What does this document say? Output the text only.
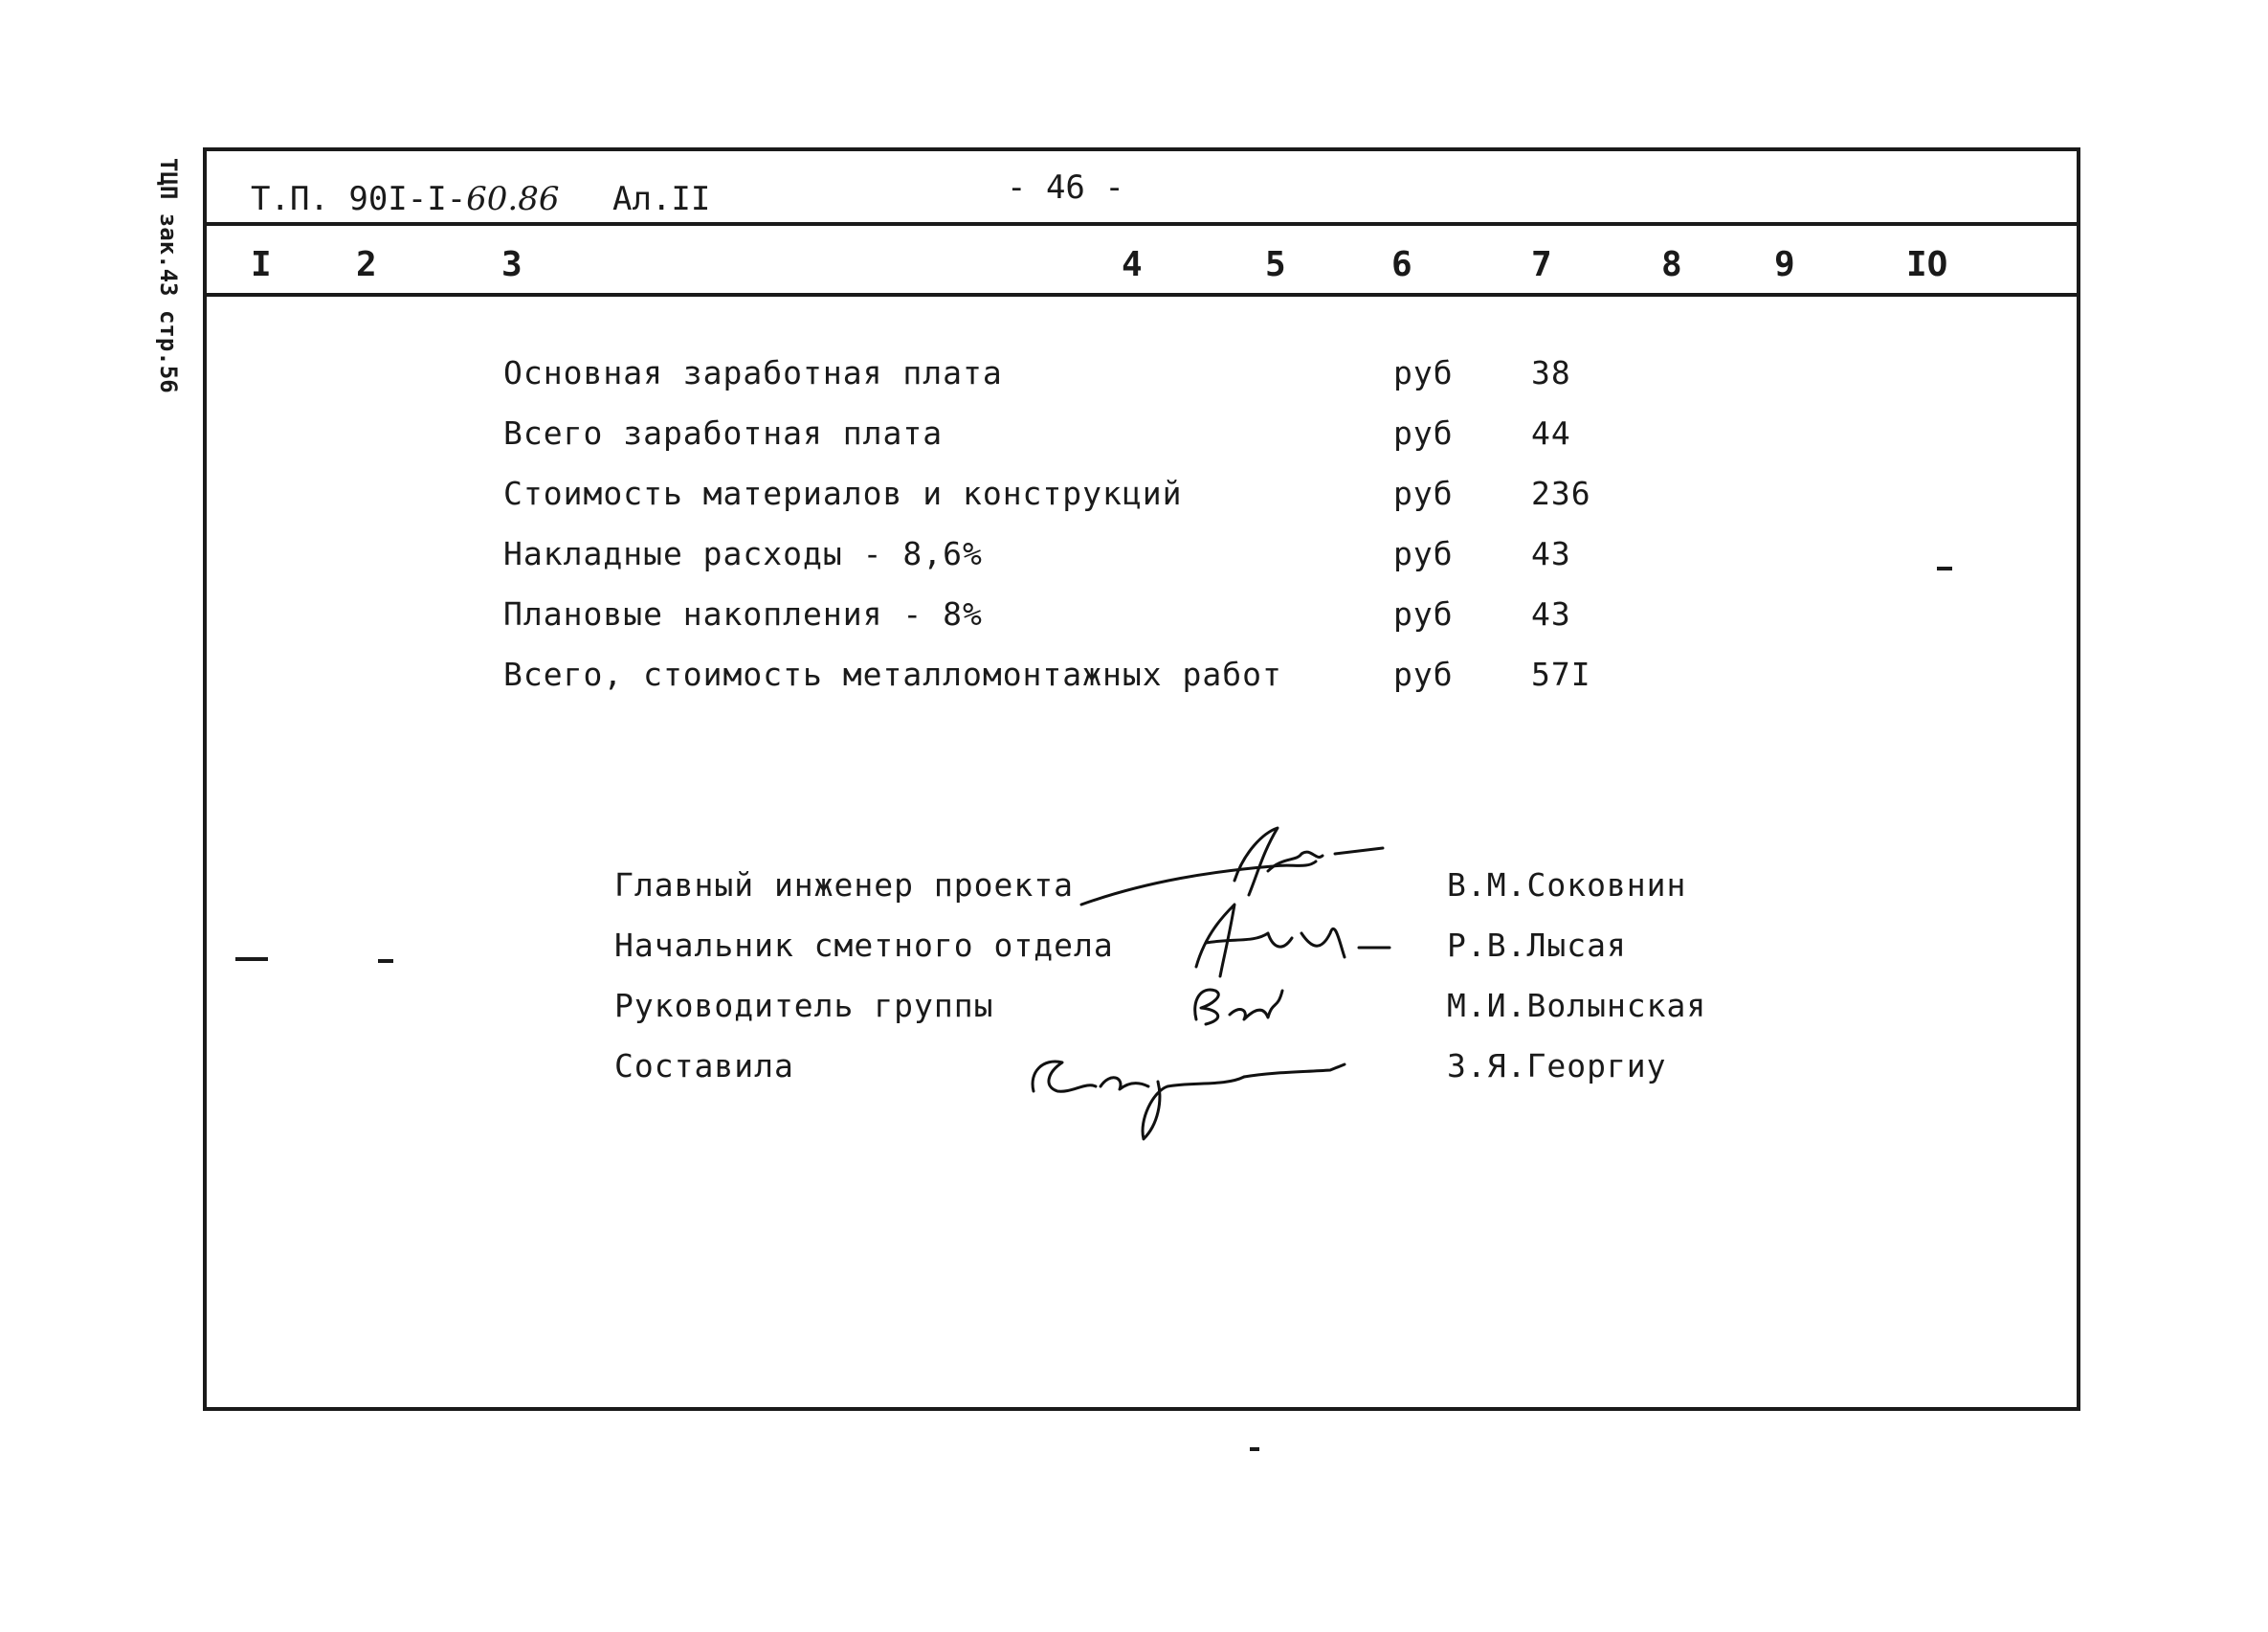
ТЦП зак.43 стр.56 Т.П. 90I-I-60.86 Ал.II	- 46 -
I 2	3	4	5	6	7	8	9	IO
Основная заработная плата	руб 38
Всего заработная плата	руб 44
Стоимость материалов и конструкций	руб 236
Накладные расходы - 8,6%	руб 43
Плановые накопления - 8%	руб 43
Всего, стоимость металломонтажных работ	руб 57I
Главный инженер проекта	В.М.Соковнин
Начальник сметного отдела	Р.В.Лысая
Руководитель группы	М.И.Волынская
Составила	З.Я.Георгиу
